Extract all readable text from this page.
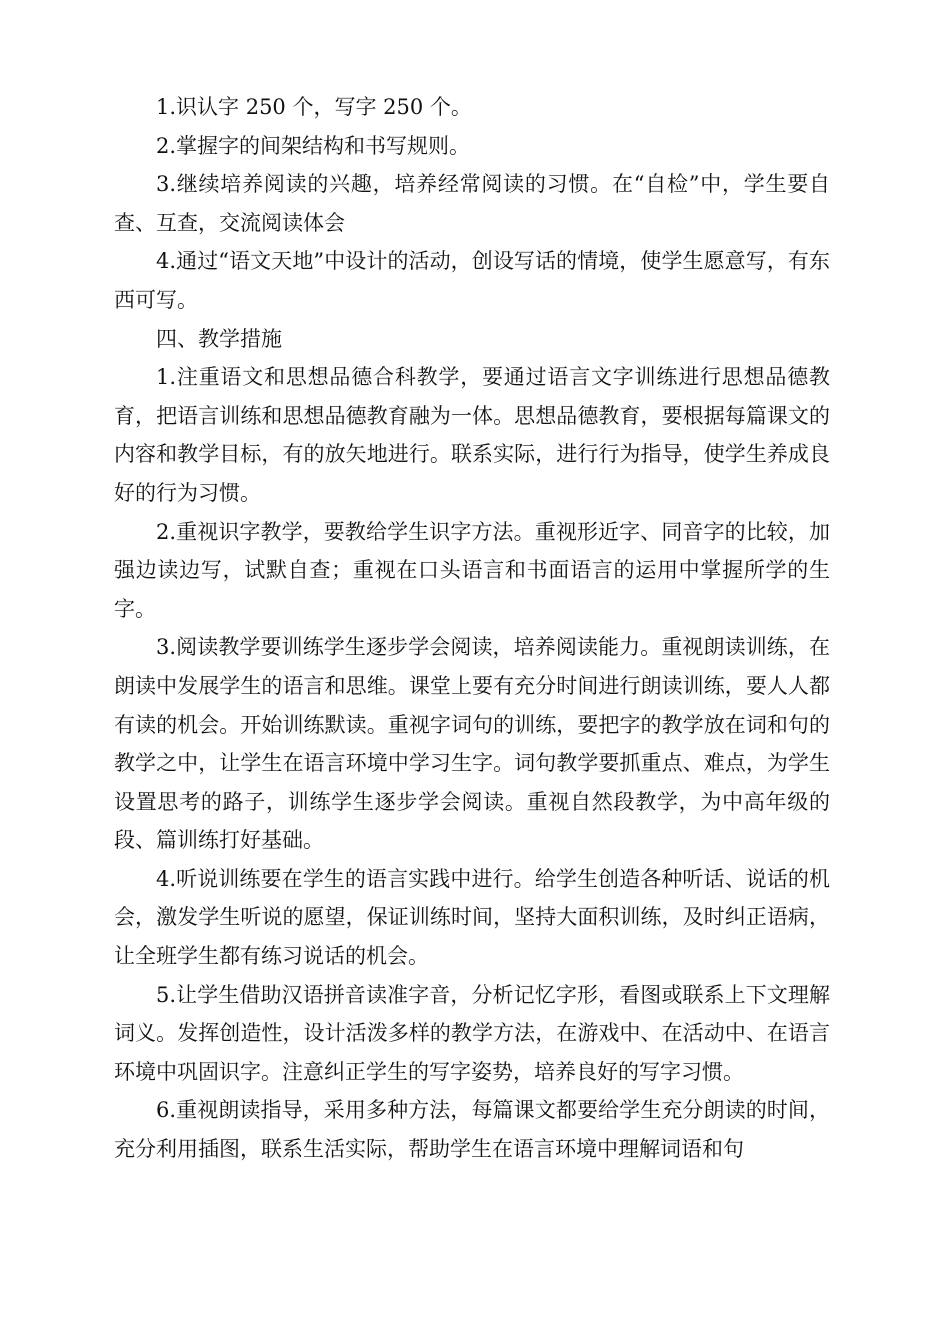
1.识认字 250 个，写字 250 个。

2.掌握字的间架结构和书写规则。

3.继续培养阅读的兴趣，培养经常阅读的习惯。在“自检”中，学生要自查、互查，交流阅读体会

4.通过“语文天地”中设计的活动，创设写话的情境，使学生愿意写，有东西可写。

四、教学措施

1.注重语文和思想品德合科教学，要通过语言文字训练进行思想品德教育，把语言训练和思想品德教育融为一体。思想品德教育，要根据每篇课文的内容和教学目标，有的放矢地进行。联系实际，进行行为指导，使学生养成良好的行为习惯。

2.重视识字教学，要教给学生识字方法。重视形近字、同音字的比较，加强边读边写，试默自查；重视在口头语言和书面语言的运用中掌握所学的生字。

3.阅读教学要训练学生逐步学会阅读，培养阅读能力。重视朗读训练，在朗读中发展学生的语言和思维。课堂上要有充分时间进行朗读训练，要人人都有读的机会。开始训练默读。重视字词句的训练，要把字的教学放在词和句的教学之中，让学生在语言环境中学习生字。词句教学要抓重点、难点，为学生设置思考的路子，训练学生逐步学会阅读。重视自然段教学，为中高年级的段、篇训练打好基础。

4.听说训练要在学生的语言实践中进行。给学生创造各种听话、说话的机会，激发学生听说的愿望，保证训练时间，坚持大面积训练，及时纠正语病，让全班学生都有练习说话的机会。

5.让学生借助汉语拼音读准字音，分析记忆字形，看图或联系上下文理解词义。发挥创造性，设计活泼多样的教学方法，在游戏中、在活动中、在语言环境中巩固识字。注意纠正学生的写字姿势，培养良好的写字习惯。

6.重视朗读指导，采用多种方法，每篇课文都要给学生充分朗读的时间，充分利用插图，联系生活实际，帮助学生在语言环境中理解词语和句
